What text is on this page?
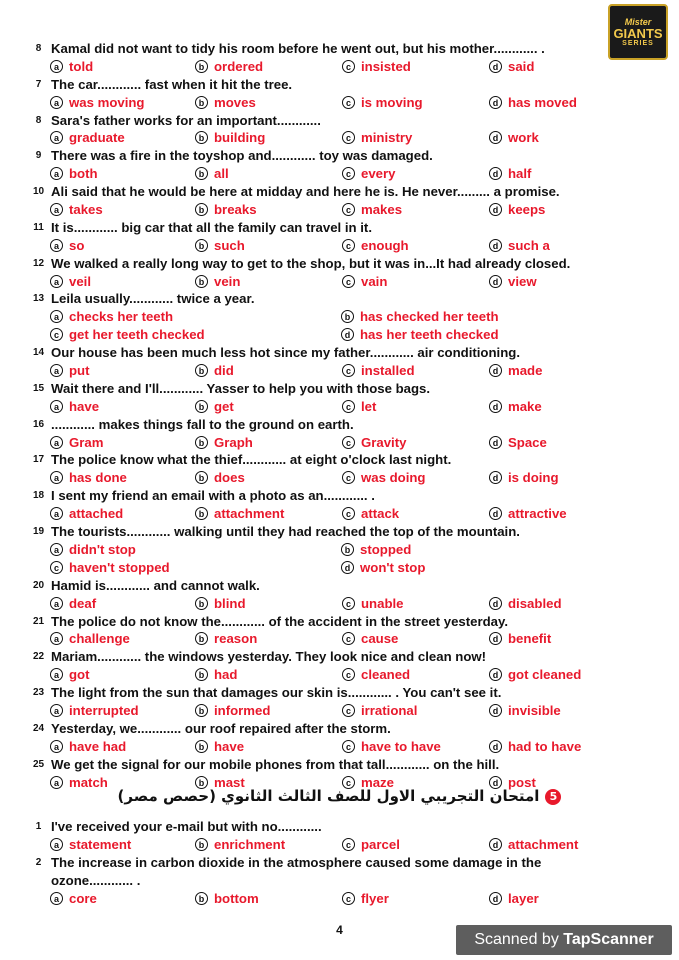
Mister
GIANTS
SERIES
8 Kamal did not want to tidy his room before he went out, but his mother............ .
a told	b ordered	c insisted	d said
7 The car............ fast when it hit the tree.
a was moving	b moves	c is moving	d has moved
8 Sara's father works for an important............
a graduate	b building	c ministry	d work
9 There was a fire in the toyshop and............ toy was damaged.
a both	b all	c every	d half
10 Ali said that he would be here at midday and here he is. He never......... a promise.
a takes	b breaks	c makes	d keeps
11 It is............ big car that all the family can travel in it.
a so	b such	c enough	d such a
12 We walked a really long way to get to the shop, but it was in...It had already closed.
a veil	b vein	c vain	d view
13 Leila usually............ twice a year.
a checks her teeth	b has checked her teeth
c get her teeth checked	d has her teeth checked
14 Our house has been much less hot since my father............ air conditioning.
a put	b did	c installed	d made
15 Wait there and I'll............ Yasser to help you with those bags.
a have	b get	c let	d make
16 ............ makes things fall to the ground on earth.
a Gram	b Graph	c Gravity	d Space
17 The police know what the thief............ at eight o'clock last night.
a has done	b does	c was doing	d is doing
18 I sent my friend an email with a photo as an............ .
a attached	b attachment	c attack	d attractive
19 The tourists............ walking until they had reached the top of the mountain.
a didn't stop	b stopped
c haven't stopped	d won't stop
20 Hamid is............ and cannot walk.
a deaf	b blind	c unable	d disabled
21 The police do not know the............ of the accident in the street yesterday.
a challenge	b reason	c cause	d benefit
22 Mariam............ the windows yesterday. They look nice and clean now!
a got	b had	c cleaned	d got cleaned
23 The light from the sun that damages our skin is............ . You can't see it.
a interrupted	b informed	c irrational	d invisible
24 Yesterday, we............ our roof repaired after the storm.
a have had	b have	c have to have	d had to have
25 We get the signal for our mobile phones from that tall............ on the hill.
a match	b mast	c maze	d post
5امتحان التجريبي الاول للصف الثالث الثانوي (حصص مصر)
1 I've received your e-mail but with no............
a statement	b enrichment	c parcel	d attachment
2 The increase in carbon dioxide in the atmosphere caused some damage in the
ozone............ .
a core	b bottom	c flyer	d layer
4
Scanned by TapScanner
